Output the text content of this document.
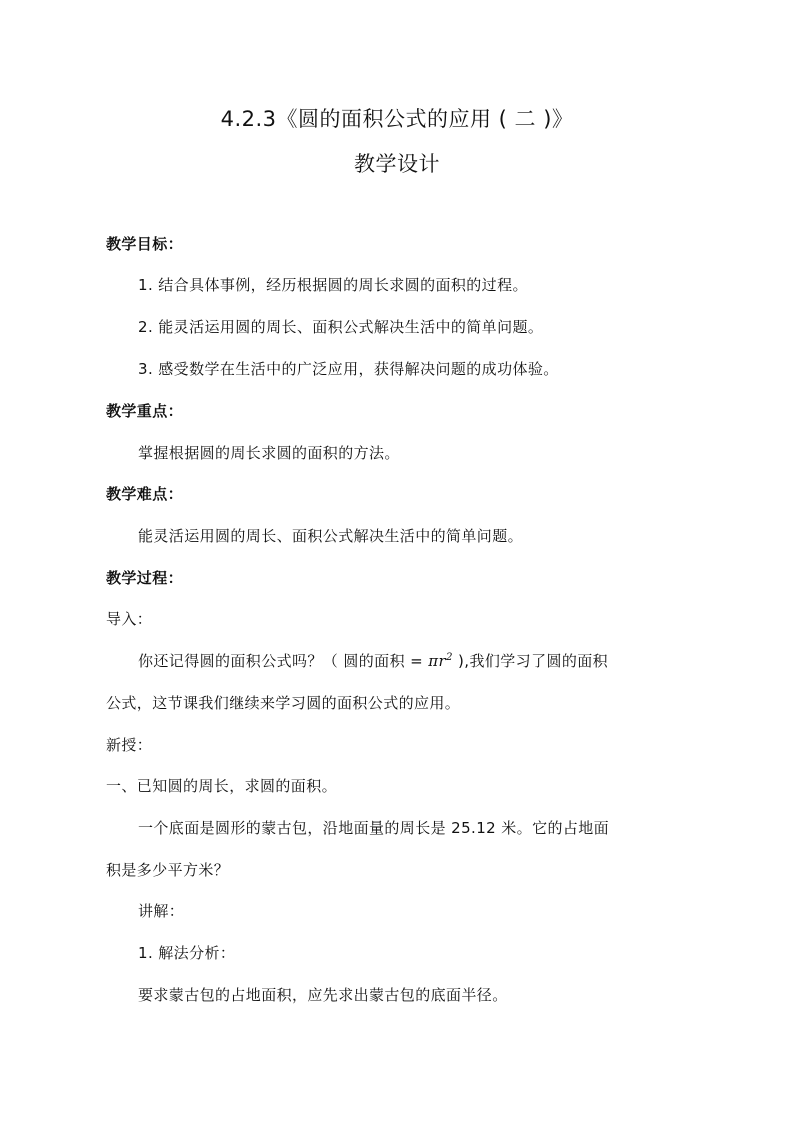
4.2.3《圆的面积公式的应用 ( 二 )》
教学设计
教学目标：
1. 结合具体事例，经历根据圆的周长求圆的面积的过程。
2. 能灵活运用圆的周长、面积公式解决生活中的简单问题。
3. 感受数学在生活中的广泛应用，获得解决问题的成功体验。
教学重点：
掌握根据圆的周长求圆的面积的方法。
教学难点：
能灵活运用圆的周长、面积公式解决生活中的简单问题。
教学过程：
导入：
你还记得圆的面积公式吗？（ 圆的面积 = $\pi r^2$ ),我们学习了圆的面积
公式，这节课我们继续来学习圆的面积公式的应用。
新授：
一、已知圆的周长，求圆的面积。
一个底面是圆形的蒙古包，沿地面量的周长是 25.12 米。它的占地面
积是多少平方米？
讲解：
1. 解法分析：
要求蒙古包的占地面积，应先求出蒙古包的底面半径。
